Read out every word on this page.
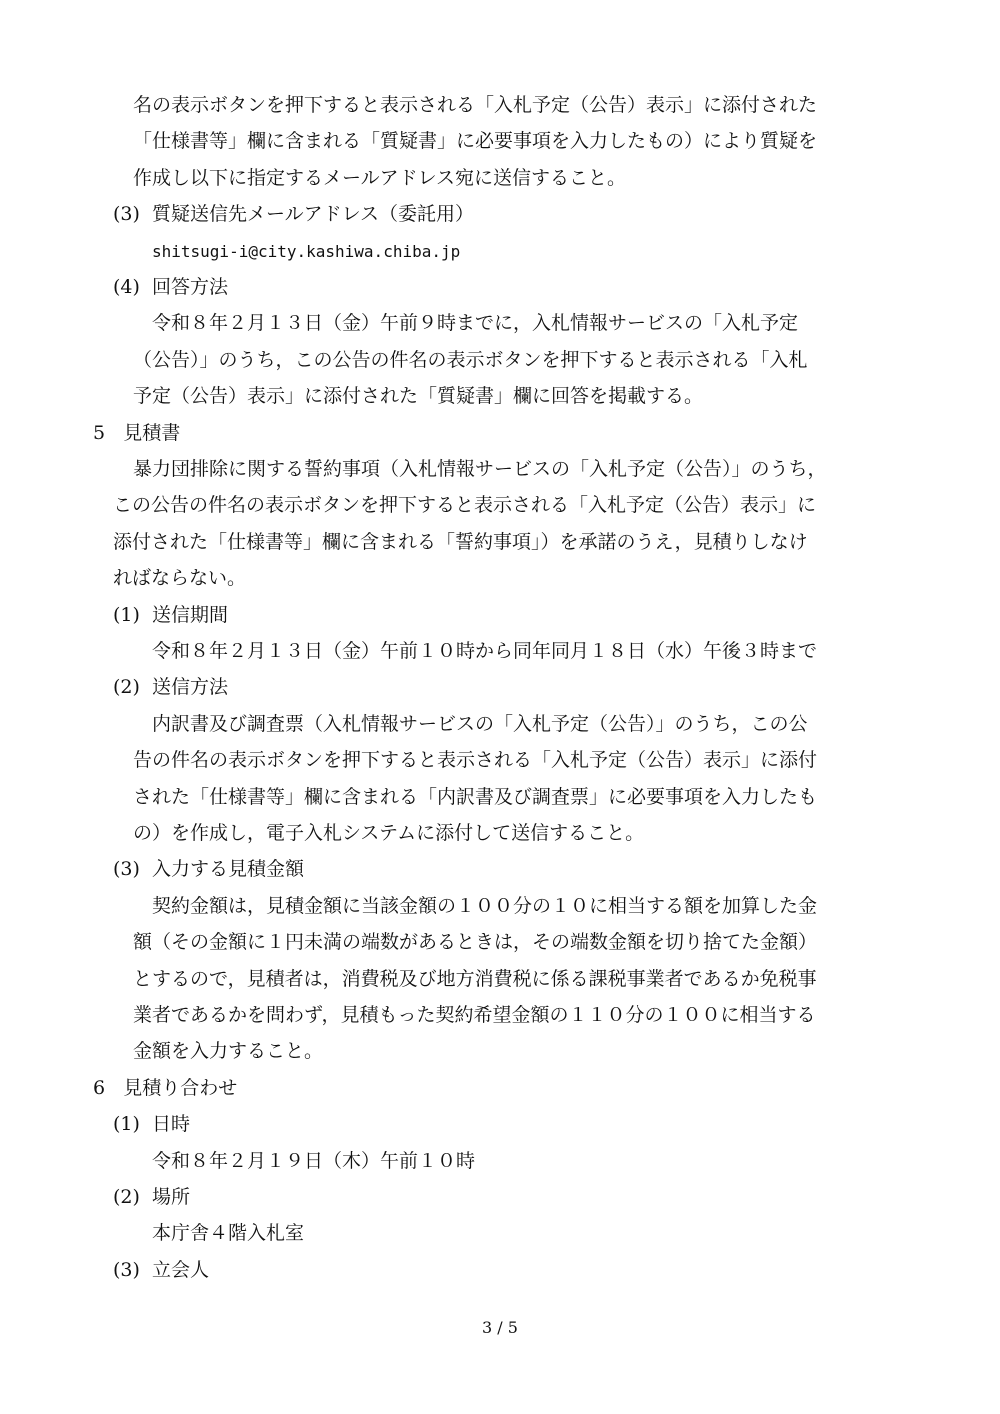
名の表示ボタンを押下すると表示される「入札予定（公告）表示」に添付された
「仕様書等」欄に含まれる「質疑書」に必要事項を入力したもの）により質疑を
作成し以下に指定するメールアドレス宛に送信すること。
(3)  質疑送信先メールアドレス（委託用）
shitsugi-i@city.kashiwa.chiba.jp
(4)  回答方法
令和８年２月１３日（金）午前９時までに，入札情報サービスの「入札予定
（公告）」のうち，この公告の件名の表示ボタンを押下すると表示される「入札
予定（公告）表示」に添付された「質疑書」欄に回答を掲載する。
5   見積書
暴力団排除に関する誓約事項（入札情報サービスの「入札予定（公告）」のうち，
この公告の件名の表示ボタンを押下すると表示される「入札予定（公告）表示」に
添付された「仕様書等」欄に含まれる「誓約事項」）を承諾のうえ，見積りしなけ
ればならない。
(1)  送信期間
令和８年２月１３日（金）午前１０時から同年同月１８日（水）午後３時まで
(2)  送信方法
内訳書及び調査票（入札情報サービスの「入札予定（公告）」のうち，この公
告の件名の表示ボタンを押下すると表示される「入札予定（公告）表示」に添付
された「仕様書等」欄に含まれる「内訳書及び調査票」に必要事項を入力したも
の）を作成し，電子入札システムに添付して送信すること。
(3)  入力する見積金額
契約金額は，見積金額に当該金額の１００分の１０に相当する額を加算した金
額（その金額に１円未満の端数があるときは，その端数金額を切り捨てた金額）
とするので，見積者は，消費税及び地方消費税に係る課税事業者であるか免税事
業者であるかを問わず，見積もった契約希望金額の１１０分の１００に相当する
金額を入力すること。
6   見積り合わせ
(1)  日時
令和８年２月１９日（木）午前１０時
(2)  場所
本庁舎４階入札室
(3)  立会人
3 / 5
